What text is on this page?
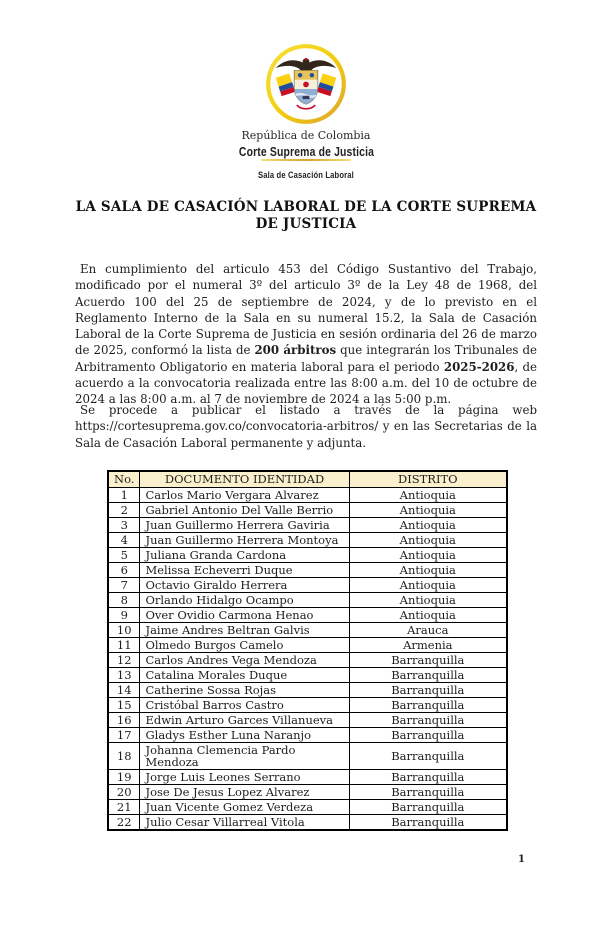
República de Colombia
Corte Suprema de Justicia
Sala de Casación Laboral
LA SALA DE CASACIÓN LABORAL DE LA CORTE SUPREMA DE JUSTICIA

En cumplimiento del articulo 453 del Código Sustantivo del Trabajo, modificado por el numeral 3º del articulo 3º de la Ley 48 de 1968, del Acuerdo 100 del 25 de septiembre de 2024, y de lo previsto en el Reglamento Interno de la Sala en su numeral 15.2, la Sala de Casación Laboral de la Corte Suprema de Justicia en sesión ordinaria del 26 de marzo de 2025, conformó la lista de 200 árbitros que integrarán los Tribunales de Arbitramento Obligatorio en materia laboral para el periodo 2025-2026, de acuerdo a la convocatoria realizada entre las 8:00 a.m. del 10 de octubre de 2024 a las 8:00 a.m. al 7 de noviembre de 2024 a las 5:00 p.m.

Se procede a publicar el listado a través de la página web https://cortesuprema.gov.co/convocatoria-arbitros/ y en las Secretarias de la Sala de Casación Laboral permanente y adjunta.

No.	DOCUMENTO IDENTIDAD	DISTRITO
1	Carlos Mario Vergara Alvarez	Antioquia
2	Gabriel Antonio Del Valle Berrio	Antioquia
3	Juan Guillermo Herrera Gaviria	Antioquia
4	Juan Guillermo Herrera Montoya	Antioquia
5	Juliana Granda Cardona	Antioquia
6	Melissa Echeverri Duque	Antioquia
7	Octavio Giraldo Herrera	Antioquia
8	Orlando Hidalgo Ocampo	Antioquia
9	Over Ovidio Carmona Henao	Antioquia
10	Jaime Andres Beltran Galvis	Arauca
11	Olmedo Burgos Camelo	Armenia
12	Carlos Andres Vega Mendoza	Barranquilla
13	Catalina Morales Duque	Barranquilla
14	Catherine Sossa Rojas	Barranquilla
15	Cristóbal Barros Castro	Barranquilla
16	Edwin Arturo Garces Villanueva	Barranquilla
17	Gladys Esther Luna Naranjo	Barranquilla
18	Johanna Clemencia Pardo Mendoza	Barranquilla
19	Jorge Luis Leones Serrano	Barranquilla
20	Jose De Jesus Lopez Alvarez	Barranquilla
21	Juan Vicente Gomez Verdeza	Barranquilla
22	Julio Cesar Villarreal Vitola	Barranquilla
1
